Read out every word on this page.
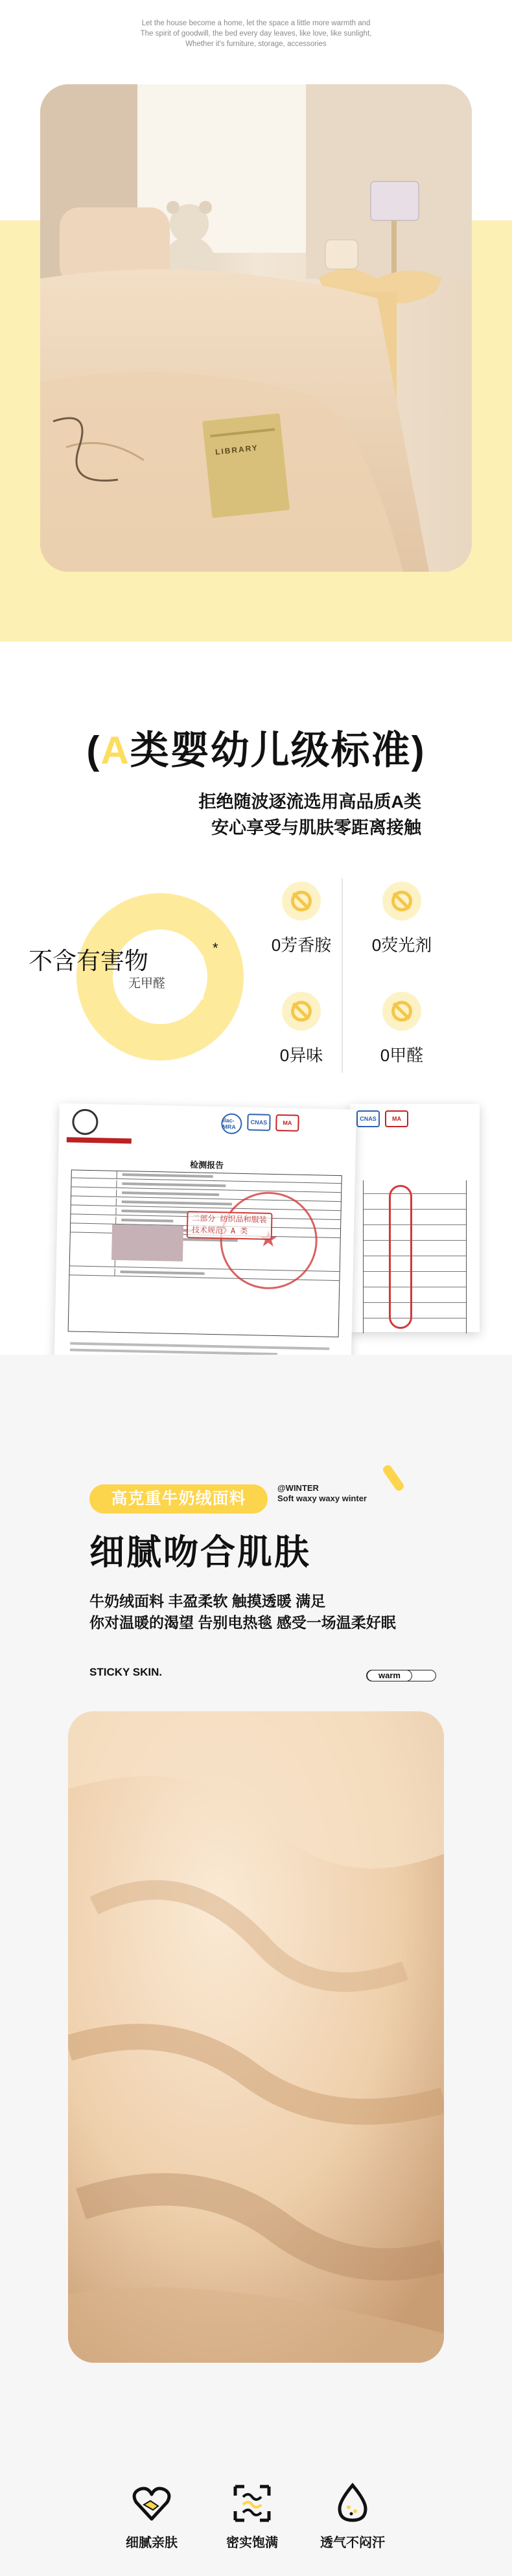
Let the house become a home, let the space a little more warmth and
The spirit of goodwill, the bed every day leaves, like love, like sunlight,
Whether it's furniture, storage, accessories
LIBRARY
(A类婴幼儿级标准)
拒绝随波逐流选用高品质A类
安心享受与肌肤零距离接触
不含有害物	*
无甲醛
0芳香胺	0荧光剂
0异味	0甲醛
CNAS	MA
ilac-MRA
CNAS	MA
检测报告
★
二部分 纺织品和服装
技术规范》A 类
高克重牛奶绒面料
@WINTER
Soft waxy waxy winter
细腻吻合肌肤
牛奶绒面料 丰盈柔软 触摸透暖 满足
你对温暖的渴望 告别电热毯 感受一场温柔好眠
STICKY SKIN.	warm
细腻亲肤	密实饱满	透气不闷汗
